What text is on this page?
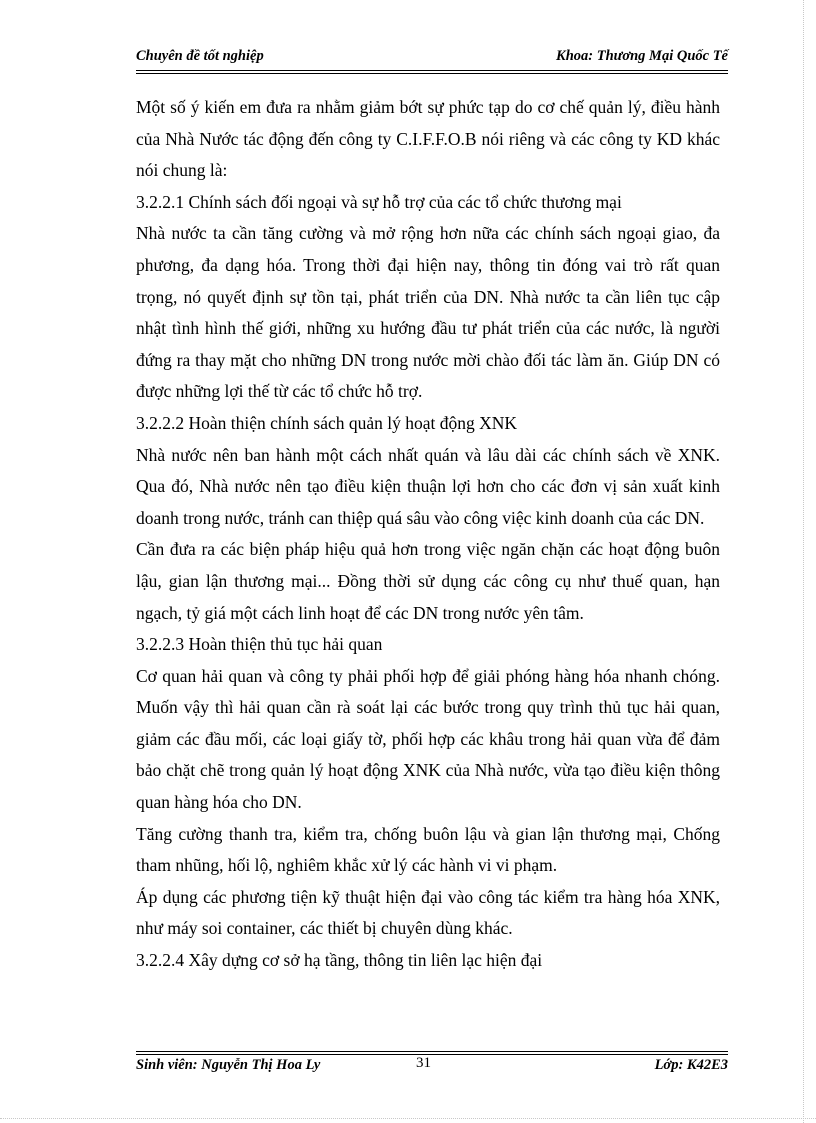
Chuyên đề tốt nghiệp	Khoa: Thương Mại Quốc Tế

Một số ý kiến em đưa ra nhằm giảm bớt sự phức tạp do cơ chế quản lý, điều hành của Nhà Nước tác động đến công ty C.I.F.F.O.B nói riêng và các công ty KD khác nói chung là:

3.2.2.1 Chính sách đối ngoại và sự hỗ trợ của các tổ chức thương mại

Nhà nước ta cần tăng cường và mở rộng hơn nữa các chính sách ngoại giao, đa phương, đa dạng hóa. Trong thời đại hiện nay, thông tin đóng vai trò rất quan trọng, nó quyết định sự tồn tại, phát triển của DN. Nhà nước ta cần liên tục cập nhật tình hình thế giới, những xu hướng đầu tư phát triển của các nước, là người đứng ra thay mặt cho những DN trong nước mời chào đối tác làm ăn. Giúp DN có được những lợi thế từ các tổ chức hỗ trợ.

3.2.2.2 Hoàn thiện chính sách quản lý hoạt động XNK

Nhà nước nên ban hành một cách nhất quán và lâu dài các chính sách về XNK. Qua đó, Nhà nước nên tạo điều kiện thuận lợi hơn cho các đơn vị sản xuất kinh doanh trong nước, tránh can thiệp quá sâu vào công việc kinh doanh của các DN.

Cần đưa ra các biện pháp hiệu quả hơn trong việc ngăn chặn các hoạt động buôn lậu, gian lận thương mại... Đồng thời sử dụng các công cụ như thuế quan, hạn ngạch, tỷ giá một cách linh hoạt để các DN trong nước yên tâm.

3.2.2.3 Hoàn thiện thủ tục hải quan

Cơ quan hải quan và công ty phải phối hợp để giải phóng hàng hóa nhanh chóng. Muốn vậy thì hải quan cần rà soát lại các bước trong quy trình thủ tục hải quan, giảm các đầu mối, các loại giấy tờ, phối hợp các khâu trong hải quan vừa để đảm bảo chặt chẽ trong quản lý hoạt động XNK của Nhà nước, vừa tạo điều kiện thông quan hàng hóa cho DN.

Tăng cường thanh tra, kiểm tra, chống buôn lậu và gian lận thương mại, Chống tham nhũng, hối lộ, nghiêm khắc xử lý các hành vi vi phạm.

Áp dụng các phương tiện kỹ thuật hiện đại vào công tác kiểm tra hàng hóa XNK, như máy soi container, các thiết bị chuyên dùng khác.

3.2.2.4 Xây dựng cơ sở hạ tầng, thông tin liên lạc hiện đại

Sinh viên: Nguyễn Thị Hoa Ly	31	Lớp: K42E3
